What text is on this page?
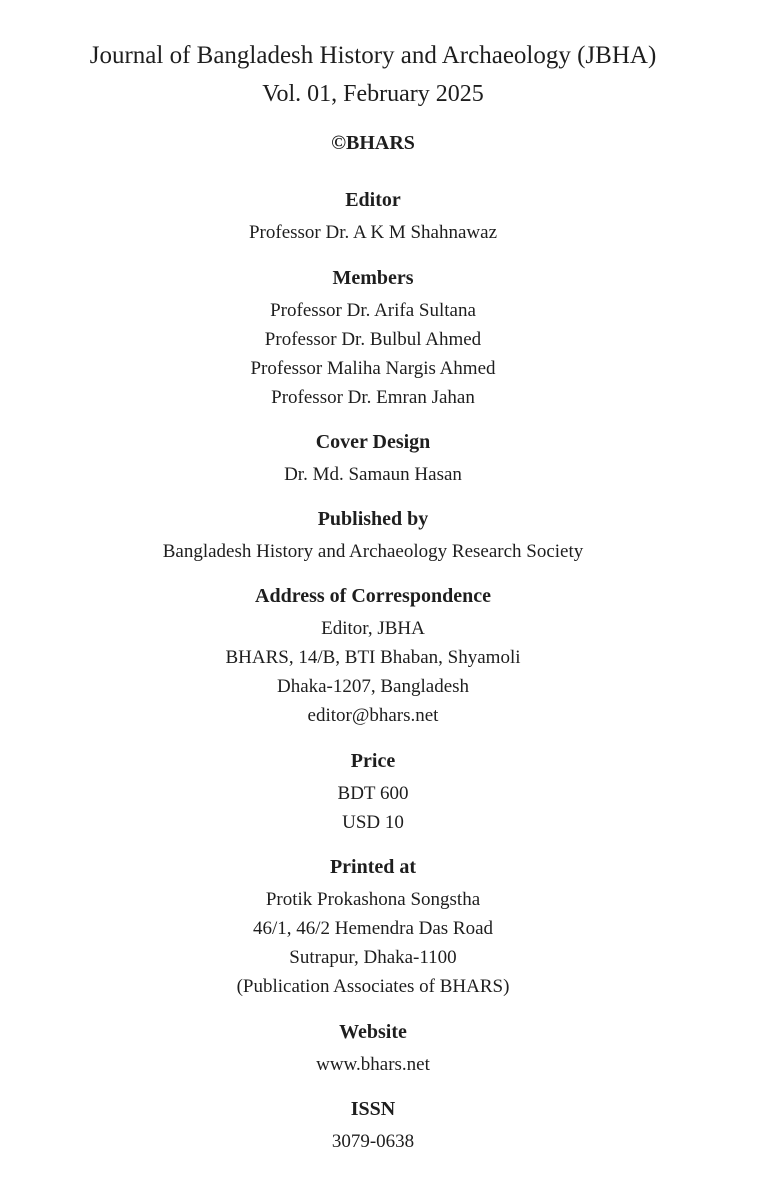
Journal of Bangladesh History and Archaeology (JBHA)
Vol. 01, February 2025
©BHARS
Editor
Professor Dr. A K M Shahnawaz
Members
Professor Dr. Arifa Sultana
Professor Dr. Bulbul Ahmed
Professor Maliha Nargis Ahmed
Professor Dr. Emran Jahan
Cover Design
Dr. Md. Samaun Hasan
Published by
Bangladesh History and Archaeology Research Society
Address of Correspondence
Editor, JBHA
BHARS, 14/B, BTI Bhaban, Shyamoli
Dhaka-1207, Bangladesh
editor@bhars.net
Price
BDT 600
USD 10
Printed at
Protik Prokashona Songstha
46/1, 46/2 Hemendra Das Road
Sutrapur, Dhaka-1100
(Publication Associates of BHARS)
Website
www.bhars.net
ISSN
3079-0638
